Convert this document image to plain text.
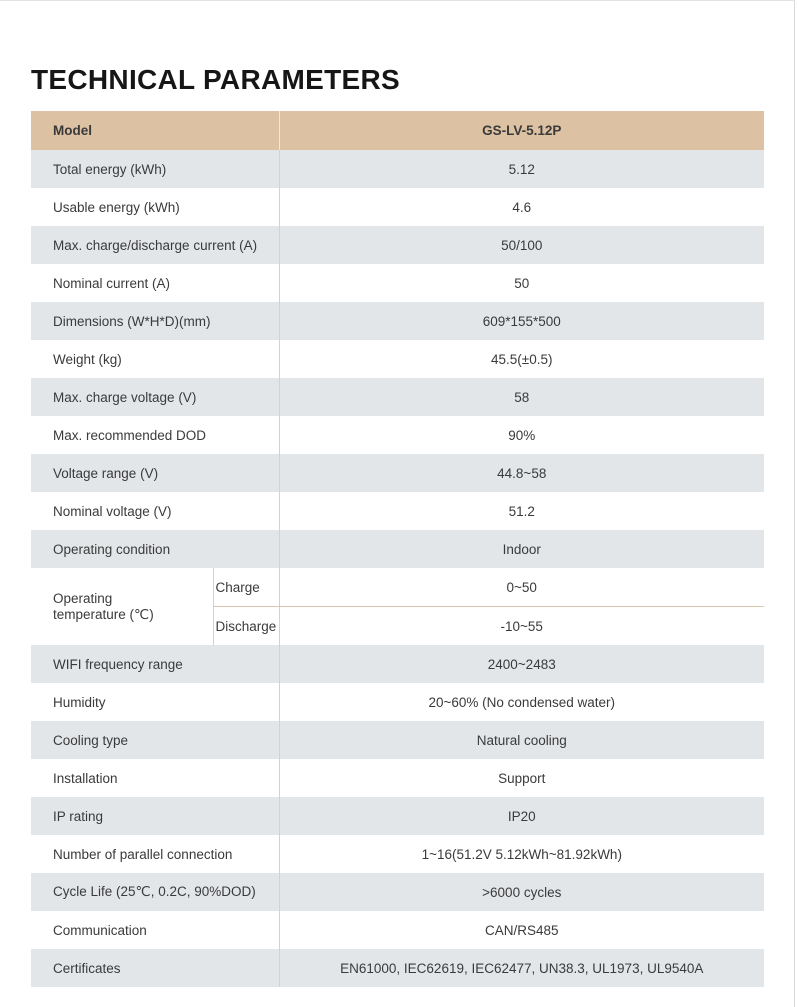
TECHNICAL PARAMETERS
Model		GS-LV-5.12P
Total energy (kWh)		5.12
Usable energy (kWh)		4.6
Max. charge/discharge current (A)		50/100
Nominal current (A)		50
Dimensions (W*H*D)(mm)		609*155*500
Weight (kg)		45.5(±0.5)
Max. charge voltage (V)		58
Max. recommended DOD		90%
Voltage range (V)		44.8~58
Nominal voltage (V)		51.2
Operating condition		Indoor
Operating
temperature (℃)	Charge	0~50
	Discharge	-10~55
WIFI frequency range		2400~2483
Humidity		20~60% (No condensed water)
Cooling type		Natural cooling
Installation		Support
IP rating		IP20
Number of parallel connection		1~16(51.2V 5.12kWh~81.92kWh)
Cycle Life (25℃, 0.2C, 90%DOD)		>6000 cycles
Communication		CAN/RS485
Certificates		EN61000, IEC62619, IEC62477, UN38.3, UL1973, UL9540A
